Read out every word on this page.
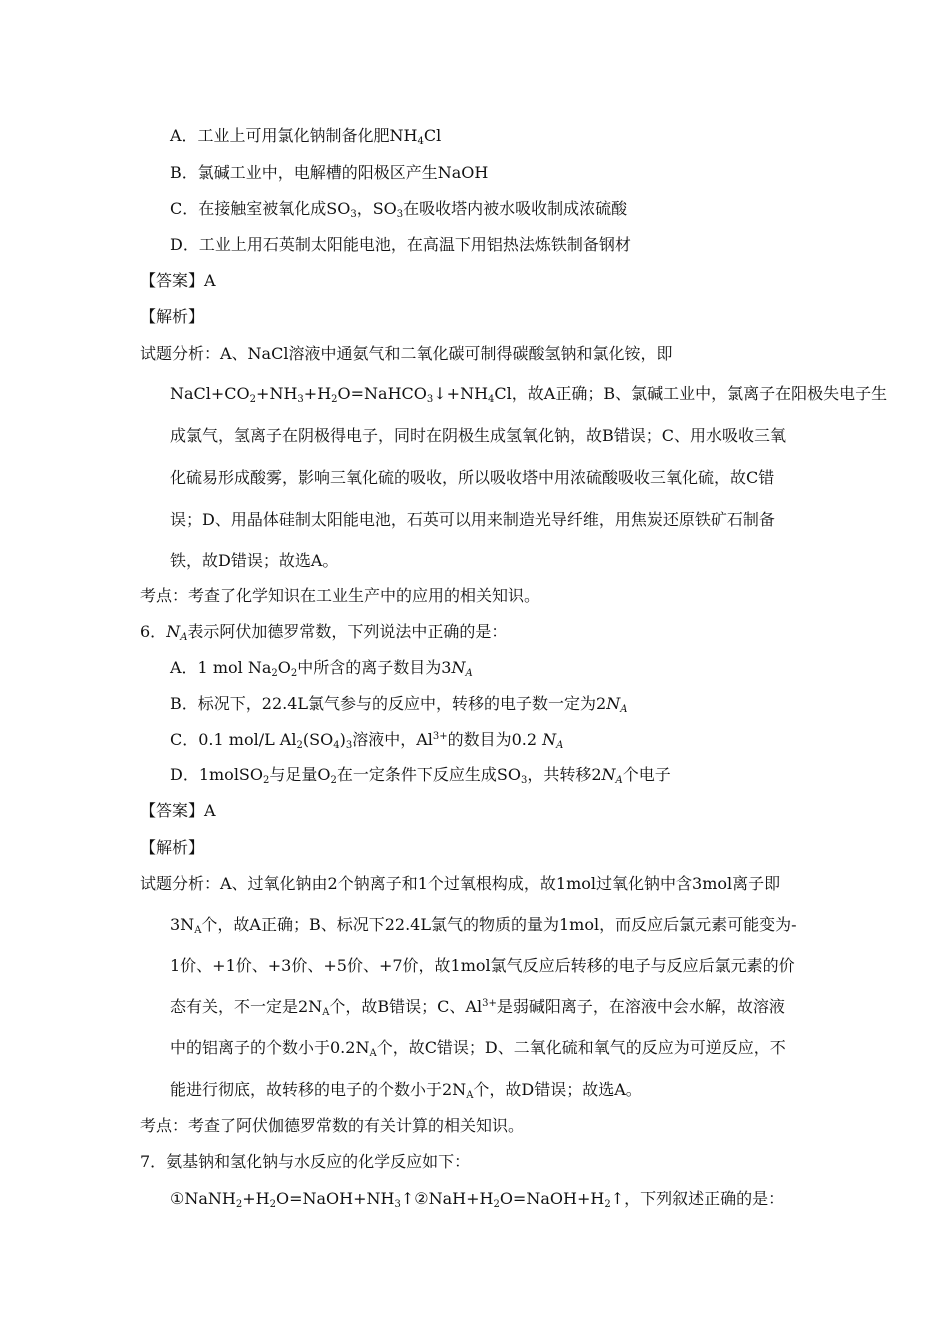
A．工业上可用氯化钠制备化肥$NH_4Cl$
B．氯碱工业中，电解槽的阳极区产生NaOH
C．在接触室被氧化成$SO_3$，$SO_3$在吸收塔内被水吸收制成浓硫酸
D．工业上用石英制太阳能电池，在高温下用铝热法炼铁制备钢材
【答案】A
【解析】
试题分析：A、NaCl溶液中通氨气和二氧化碳可制得碳酸氢钠和氯化铵，即
$NaCl+CO_2+NH_3+H_2O=NaHCO_3↓+NH_4Cl$，故A正确；B、氯碱工业中，氯离子在阳极失电子生
成氯气，氢离子在阴极得电子，同时在阴极生成氢氧化钠，故B错误；C、用水吸收三氧
化硫易形成酸雾，影响三氧化硫的吸收，所以吸收塔中用浓硫酸吸收三氧化硫，故C错
误；D、用晶体硅制太阳能电池，石英可以用来制造光导纤维，用焦炭还原铁矿石制备
铁，故D错误；故选A。
考点：考查了化学知识在工业生产中的应用的相关知识。
6．$N_A$表示阿伏加德罗常数，下列说法中正确的是：
A．1 mol $Na_2O_2$中所含的离子数目为$3N_A$
B．标况下，22.4L氯气参与的反应中，转移的电子数一定为$2N_A$
C．0.1 mol/L $Al_2(SO_4)_3$溶液中，$Al^{3+}$的数目为0.2 $N_A$
D．1molSO$_2$与足量$O_2$在一定条件下反应生成$SO_3$，共转移$2N_A$个电子
【答案】A
【解析】
试题分析：A、过氧化钠由2个钠离子和1个过氧根构成，故1mol过氧化钠中含3mol离子即
$3N_A$个，故A正确；B、标况下22.4L氯气的物质的量为1mol，而反应后氯元素可能变为-
1价、+1价、+3价、+5价、+7价，故1mol氯气反应后转移的电子与反应后氯元素的价
态有关，不一定是$2N_A$个，故B错误；C、$Al^{3+}$是弱碱阳离子，在溶液中会水解，故溶液
中的铝离子的个数小于$0.2N_A$个，故C错误；D、二氧化硫和氧气的反应为可逆反应，不
能进行彻底，故转移的电子的个数小于$2N_A$个，故D错误；故选A。
考点：考查了阿伏伽德罗常数的有关计算的相关知识。
7．氨基钠和氢化钠与水反应的化学反应如下：
$①NaNH_2+H_2O=NaOH+NH_3↑②NaH+H_2O=NaOH+H_2↑$，下列叙述正确的是：
